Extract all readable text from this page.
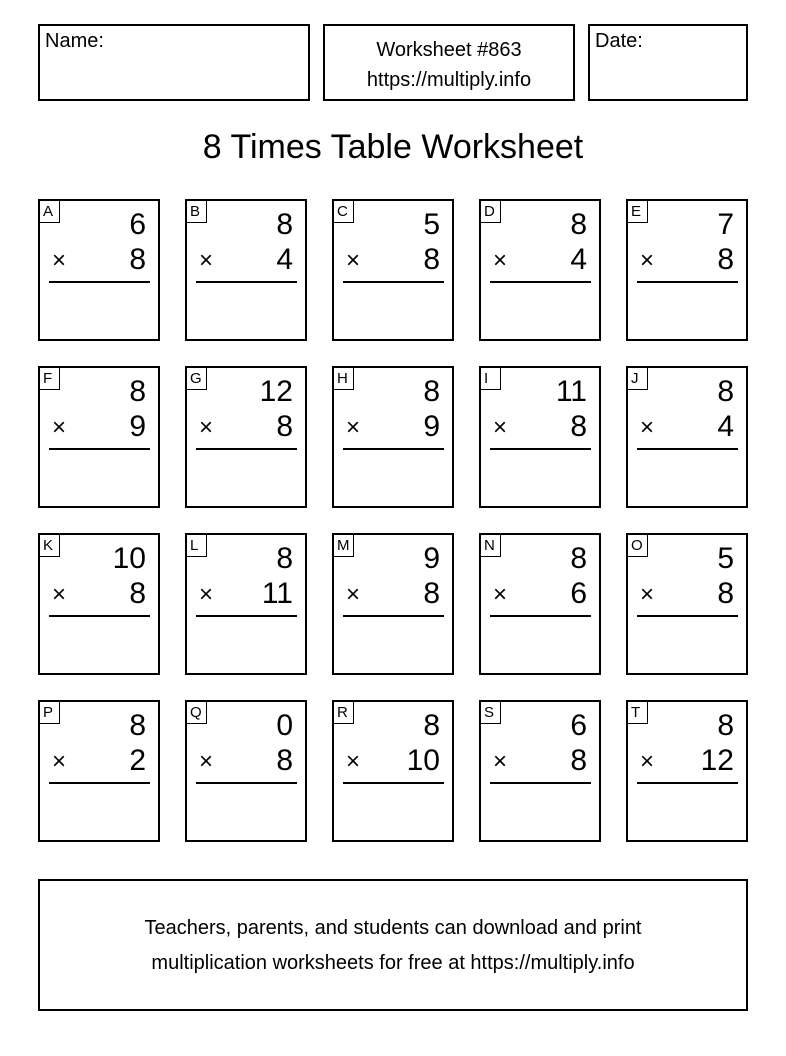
Name:	Worksheet #863
https://multiply.info
Date:
8 Times Table Worksheet
A	6
× 8
B	8
× 4
C	5
× 8
D	8
× 4
E	7
× 8
F	8
× 9
G 12
× 8
H	8
× 9
I	11
× 8
J	8
× 4
K 10
× 8
L	8
× 11
M 9
× 8
N	8
× 6
O 5
× 8
P	8
× 2
Q 0
× 8
R	8
× 10
S	6
× 8
T	8
× 12
Teachers, parents, and students can download and print
multiplication worksheets for free at https://multiply.info
